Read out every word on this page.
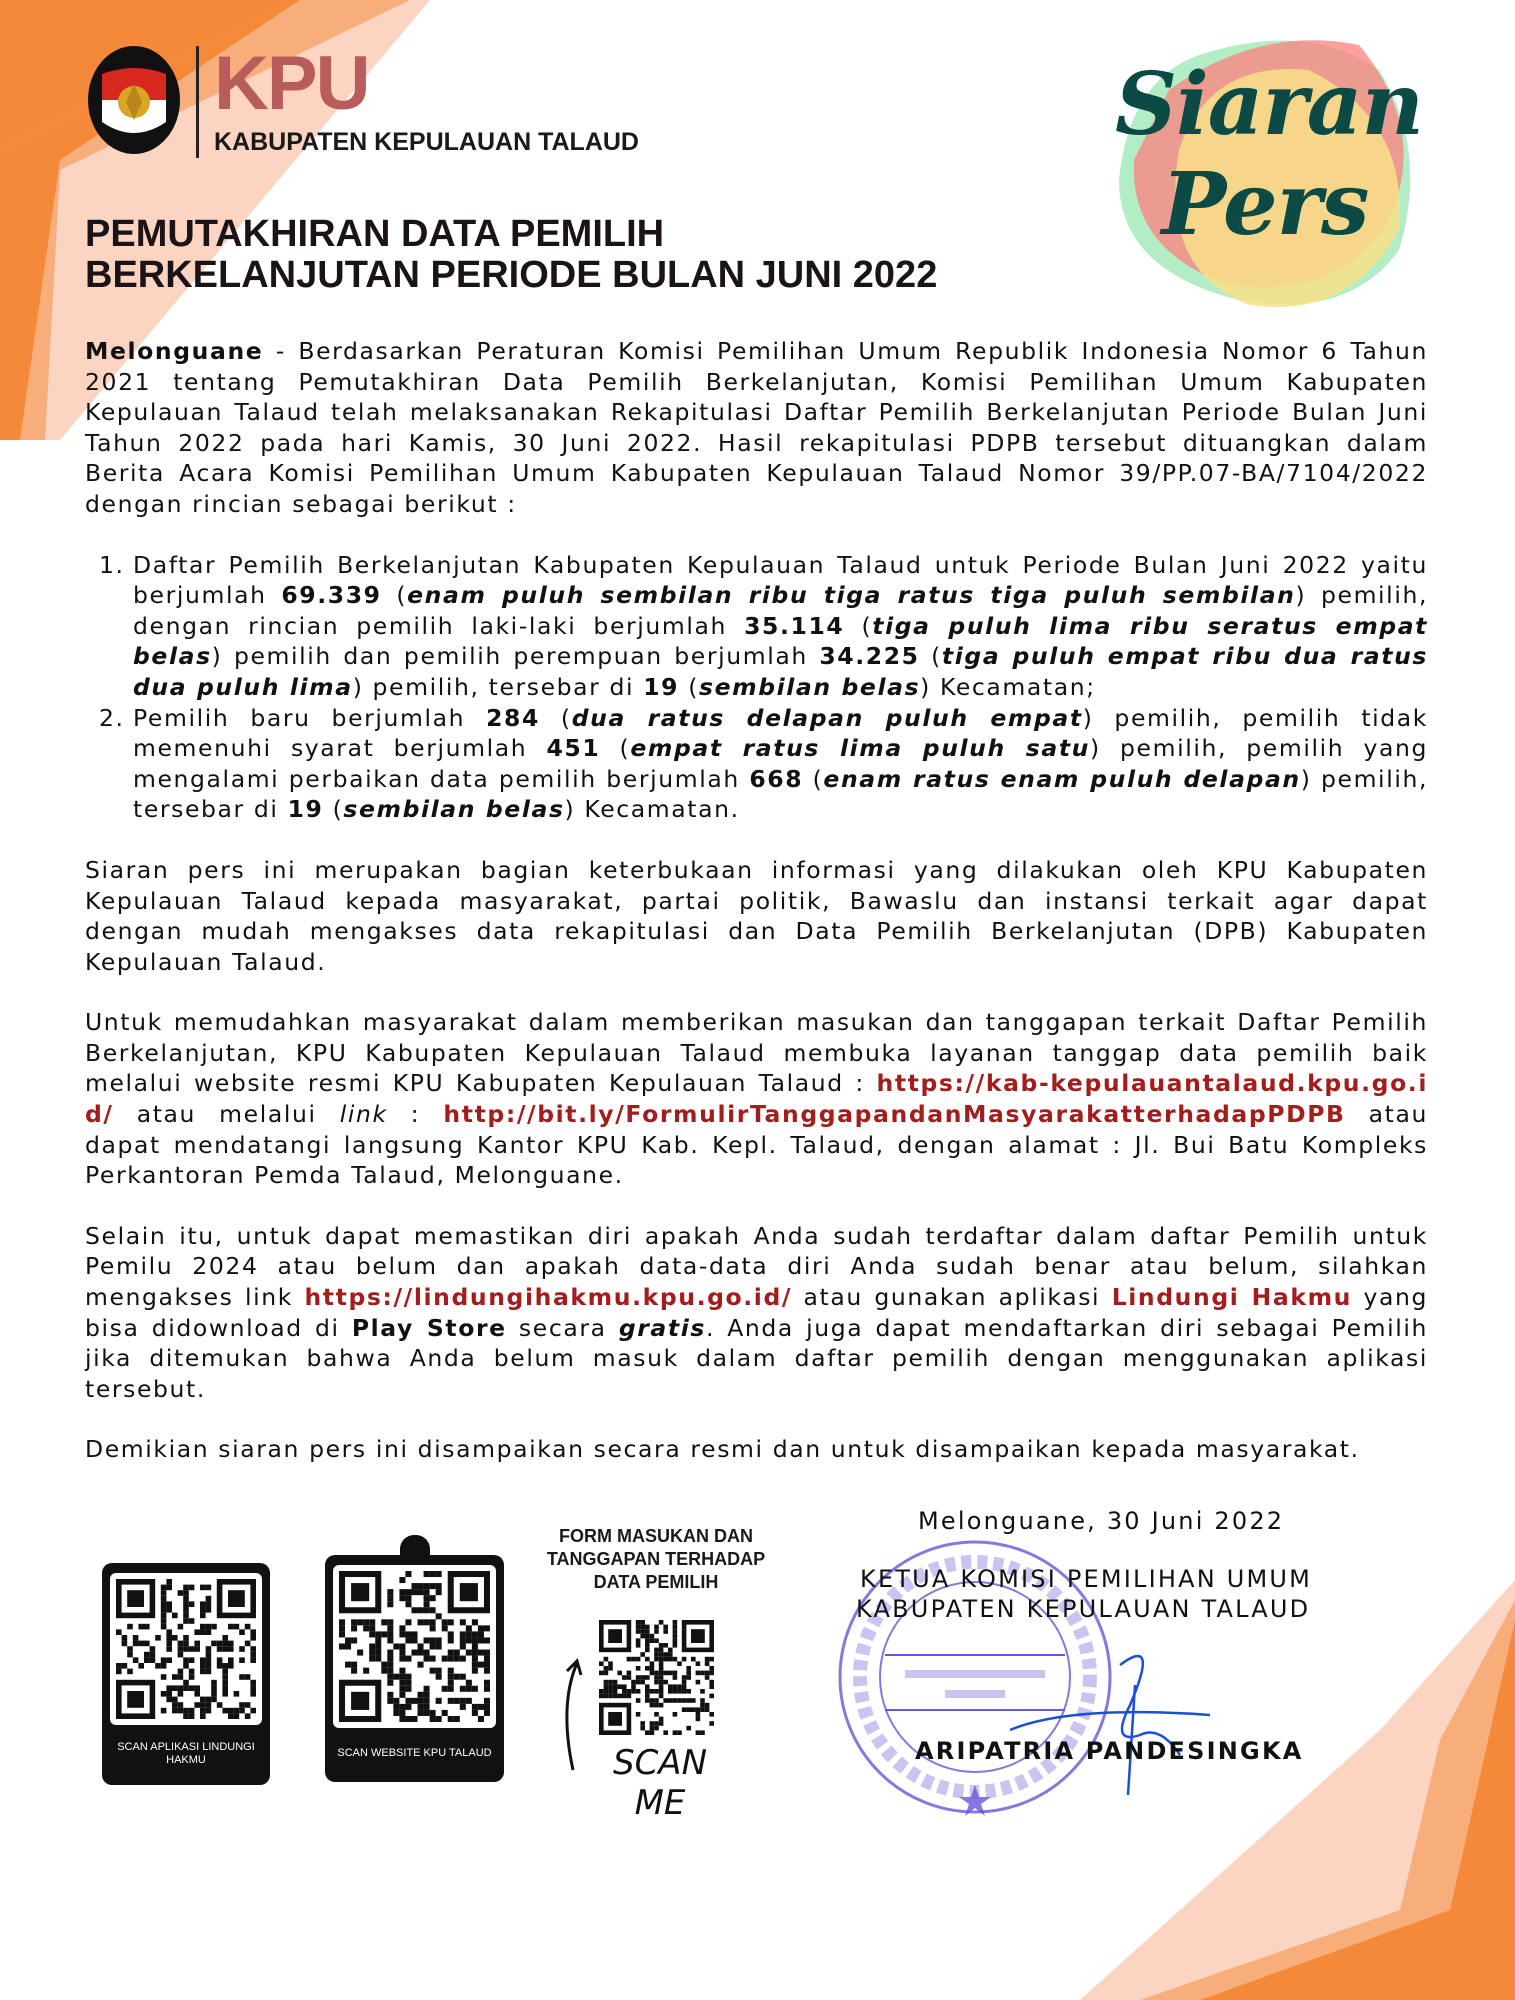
KPU
KABUPATEN KEPULAUAN TALAUD	Siaran
Pers
PEMUTAKHIRAN DATA PEMILIH
BERKELANJUTAN PERIODE BULAN JUNI 2022
Melonguane - Berdasarkan Peraturan Komisi Pemilihan Umum Republik Indonesia Nomor 6 Tahun 2021 tentang Pemutakhiran Data Pemilih Berkelanjutan, Komisi Pemilihan Umum Kabupaten Kepulauan Talaud telah melaksanakan Rekapitulasi Daftar Pemilih Berkelanjutan Periode Bulan Juni Tahun 2022 pada hari Kamis, 30 Juni 2022. Hasil rekapitulasi PDPB tersebut dituangkan dalam Berita Acara Komisi Pemilihan Umum Kabupaten Kepulauan Talaud Nomor 39/PP.07-BA/7104/2022 dengan rincian sebagai berikut :
1. Daftar Pemilih Berkelanjutan Kabupaten Kepulauan Talaud untuk Periode Bulan Juni 2022 yaitu berjumlah 69.339 (enam puluh sembilan ribu tiga ratus tiga puluh sembilan) pemilih, dengan rincian pemilih laki-laki berjumlah 35.114 (tiga puluh lima ribu seratus empat belas) pemilih dan pemilih perempuan berjumlah 34.225 (tiga puluh empat ribu dua ratus dua puluh lima) pemilih, tersebar di 19 (sembilan belas) Kecamatan;
2. Pemilih baru berjumlah 284 (dua ratus delapan puluh empat) pemilih, pemilih tidak memenuhi syarat berjumlah 451 (empat ratus lima puluh satu) pemilih, pemilih yang mengalami perbaikan data pemilih berjumlah 668 (enam ratus enam puluh delapan) pemilih, tersebar di 19 (sembilan belas) Kecamatan.
Siaran pers ini merupakan bagian keterbukaan informasi yang dilakukan oleh KPU Kabupaten Kepulauan Talaud kepada masyarakat, partai politik, Bawaslu dan instansi terkait agar dapat dengan mudah mengakses data rekapitulasi dan Data Pemilih Berkelanjutan (DPB) Kabupaten Kepulauan Talaud.
Untuk memudahkan masyarakat dalam memberikan masukan dan tanggapan terkait Daftar Pemilih Berkelanjutan, KPU Kabupaten Kepulauan Talaud membuka layanan tanggap data pemilih baik melalui website resmi KPU Kabupaten Kepulauan Talaud : https://kab-kepulauantalaud.kpu.go.id/ atau melalui link : http://bit.ly/FormulirTanggapandanMasyarakatterhadapPDPB atau dapat mendatangi langsung Kantor KPU Kab. Kepl. Talaud, dengan alamat : Jl. Bui Batu Kompleks Perkantoran Pemda Talaud, Melonguane.
Selain itu, untuk dapat memastikan diri apakah Anda sudah terdaftar dalam daftar Pemilih untuk Pemilu 2024 atau belum dan apakah data-data diri Anda sudah benar atau belum, silahkan mengakses link https://lindungihakmu.kpu.go.id/ atau gunakan aplikasi Lindungi Hakmu yang bisa didownload di Play Store secara gratis. Anda juga dapat mendaftarkan diri sebagai Pemilih jika ditemukan bahwa Anda belum masuk dalam daftar pemilih dengan menggunakan aplikasi tersebut.
Demikian siaran pers ini disampaikan secara resmi dan untuk disampaikan kepada masyarakat.
SCAN APLIKASI LINDUNGI HAKMU
SCAN WEBSITE KPU TALAUD
FORM MASUKAN DAN TANGGAPAN TERHADAP DATA PEMILIH
SCAN ME
Melonguane, 30 Juni 2022
KETUA KOMISI PEMILIHAN UMUM
KABUPATEN KEPULAUAN TALAUD
ARIPATRIA PANDESINGKA
